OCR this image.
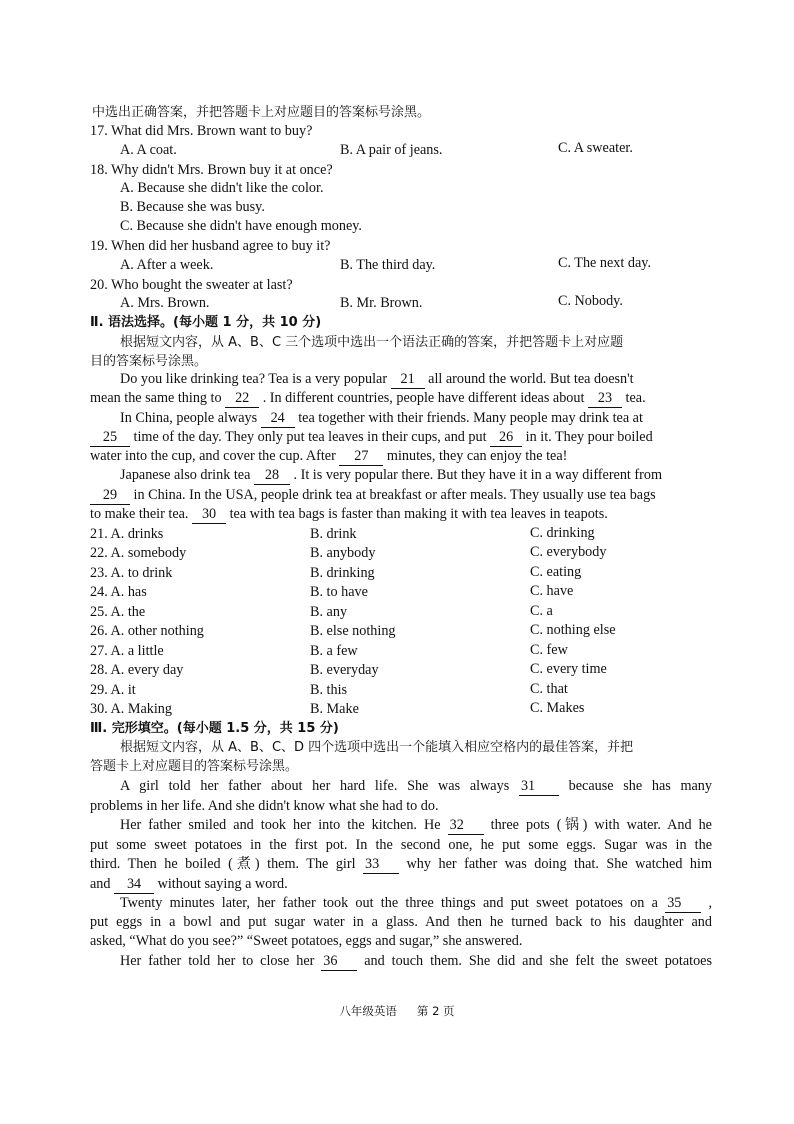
中选出正确答案，并把答题卡上对应题目的答案标号涂黑。
17. What did Mrs. Brown want to buy?
A. A coat.	B. A pair of jeans.	C. A sweater.
18. Why didn't Mrs. Brown buy it at once?
A. Because she didn't like the color.
B. Because she was busy.
C. Because she didn't have enough money.
19. When did her husband agree to buy it?
A. After a week.	B. The third day.	C. The next day.
20. Who bought the sweater at last?
A. Mrs. Brown.	B. Mr. Brown.	C. Nobody.
Ⅱ. 语法选择。(每小题 1 分，共 10 分)
根据短文内容，从 A、B、C 三个选项中选出一个语法正确的答案，并把答题卡上对应题
目的答案标号涂黑。
Do you like drinking tea? Tea is a very popular 21 all around the world. But tea doesn't
mean the same thing to 22 . In different countries, people have different ideas about 23 tea.
In China, people always 24 tea together with their friends. Many people may drink tea at
25 time of the day. They only put tea leaves in their cups, and put 26 in it. They pour boiled
water into the cup, and cover the cup. After 27 minutes, they can enjoy the tea!
Japanese also drink tea 28 . It is very popular there. But they have it in a way different from
29 in China. In the USA, people drink tea at breakfast or after meals. They usually use tea bags
to make their tea. 30 tea with tea bags is faster than making it with tea leaves in teapots.
21. A. drinks	B. drink	C. drinking
22. A. somebody	B. anybody	C. everybody
23. A. to drink	B. drinking	C. eating
24. A. has	B. to have	C. have
25. A. the	B. any	C. a
26. A. other nothing	B. else nothing	C. nothing else
27. A. a little	B. a few	C. few
28. A. every day	B. everyday	C. every time
29. A. it	B. this	C. that
30. A. Making	B. Make	C. Makes
Ⅲ. 完形填空。(每小题 1.5 分，共 15 分)
根据短文内容，从 A、B、C、D 四个选项中选出一个能填入相应空格内的最佳答案，并把
答题卡上对应题目的答案标号涂黑。
A girl told her father about her hard life. She was always 31 because she has many
problems in her life. And she didn't know what she had to do.
Her father smiled and took her into the kitchen. He 32 three pots (锅) with water. And he
put some sweet potatoes in the first pot. In the second one, he put some eggs. Sugar was in the
third. Then he boiled (煮) them. The girl 33 why her father was doing that. She watched him
and 34 without saying a word.
Twenty minutes later, her father took out the three things and put sweet potatoes on a 35 ,
put eggs in a bowl and put sugar water in a glass. And then he turned back to his daughter and
asked, “What do you see?” “Sweet potatoes, eggs and sugar,” she answered.
Her father told her to close her 36 and touch them. She did and she felt the sweet potatoes
八年级英语 第 2 页
